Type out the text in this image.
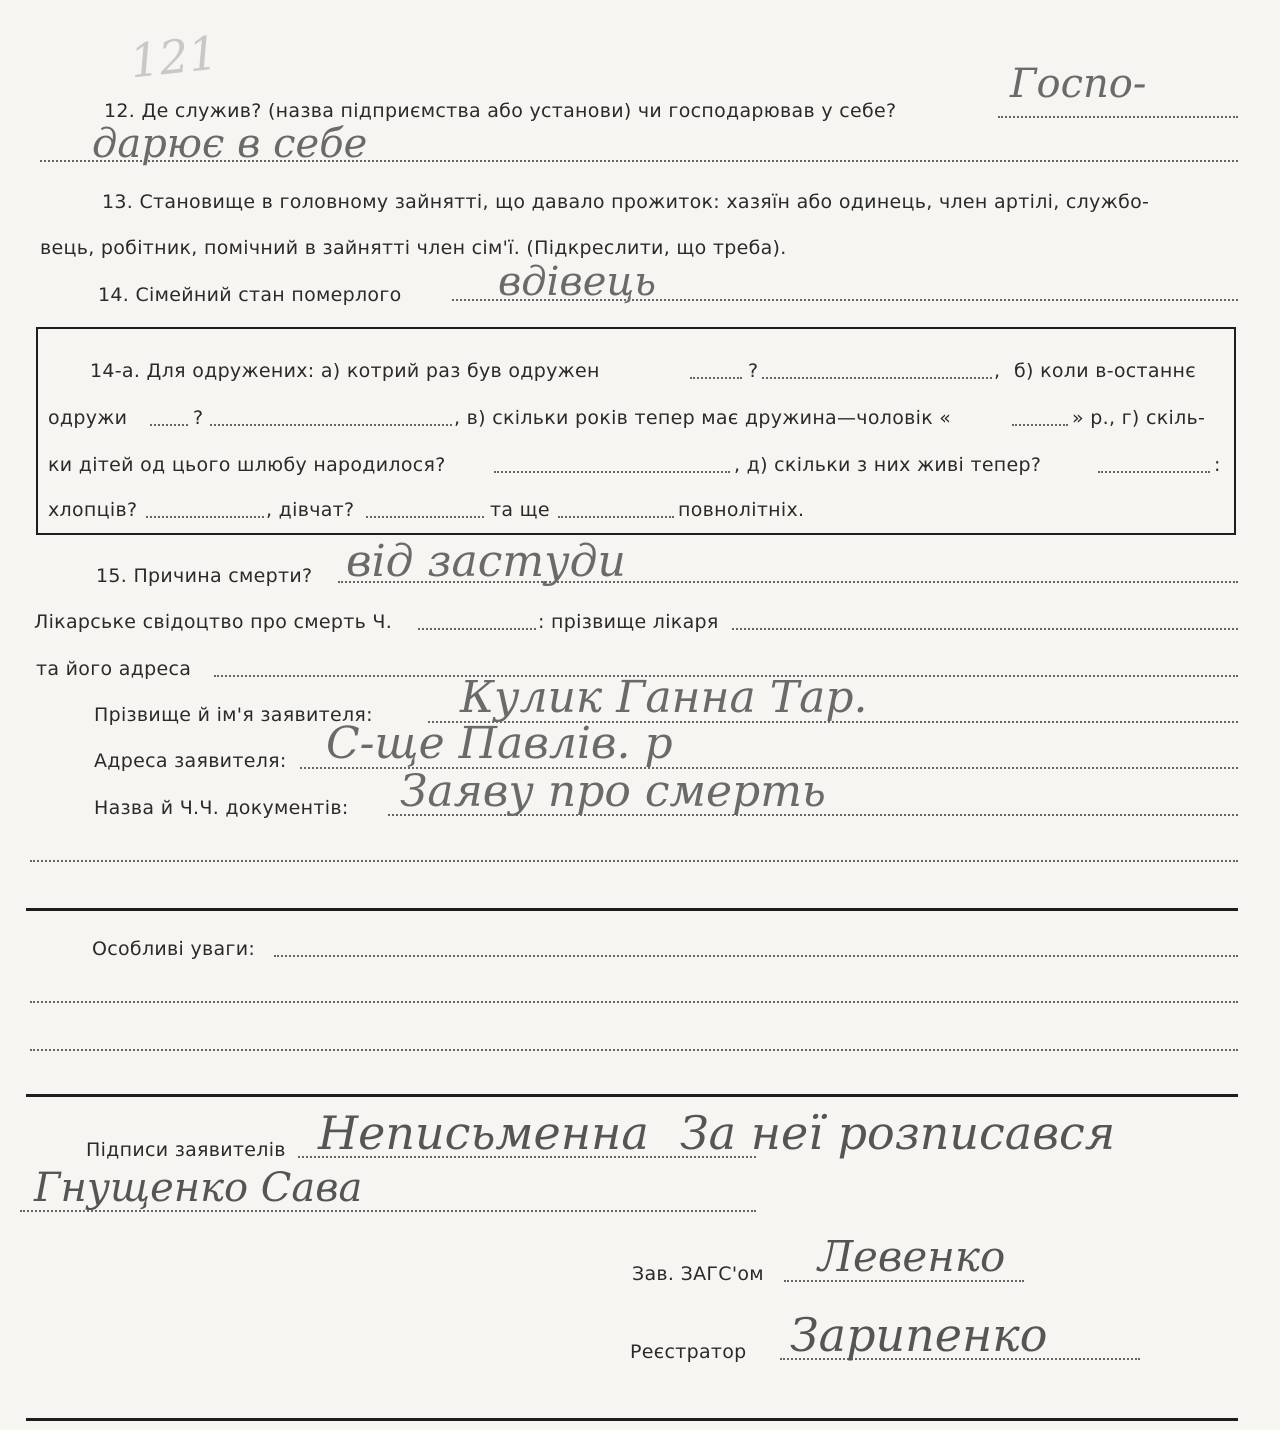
121
12. Де служив? (назва підприємства або установи) чи господарював у себе?
Госпо-
дарює в себе
13. Становище в головному зайнятті, що давало прожиток: хазяїн або одинець, член артілі, службо-
вець, робітник, помічний в зайнятті член сім'ї. (Підкреслити, що треба).
14. Сімейний стан померлого вдівець
14-а. Для одружених: а) котрий раз був одружен	?	б) коли в-останнє
,
одружи	?	, в) скільки років тепер має дружина—чоловік «	» р., г) скіль-
ки дітей од цього шлюбу народилося?	, д) скільки з них живі тепер?	:
хлопців?	, дівчат?	та ще	повнолітніх.
15. Причина смерти? від застуди
Лікарське свідоцтво про смерть Ч.	: прізвище лікаря
та його адреса
Прізвище й ім'я заявителя: Кулик Ганна Тар.
Адреса заявителя: С-ще Павлів. р
Назва й Ч.Ч. документів: Заяву про смерть
Особливі уваги:
Підписи заявителів Неписьменна За неї розписався
Гнущенко Сава
Зав. ЗАГС'ом Левенко
Реєстратор Зарипенко
